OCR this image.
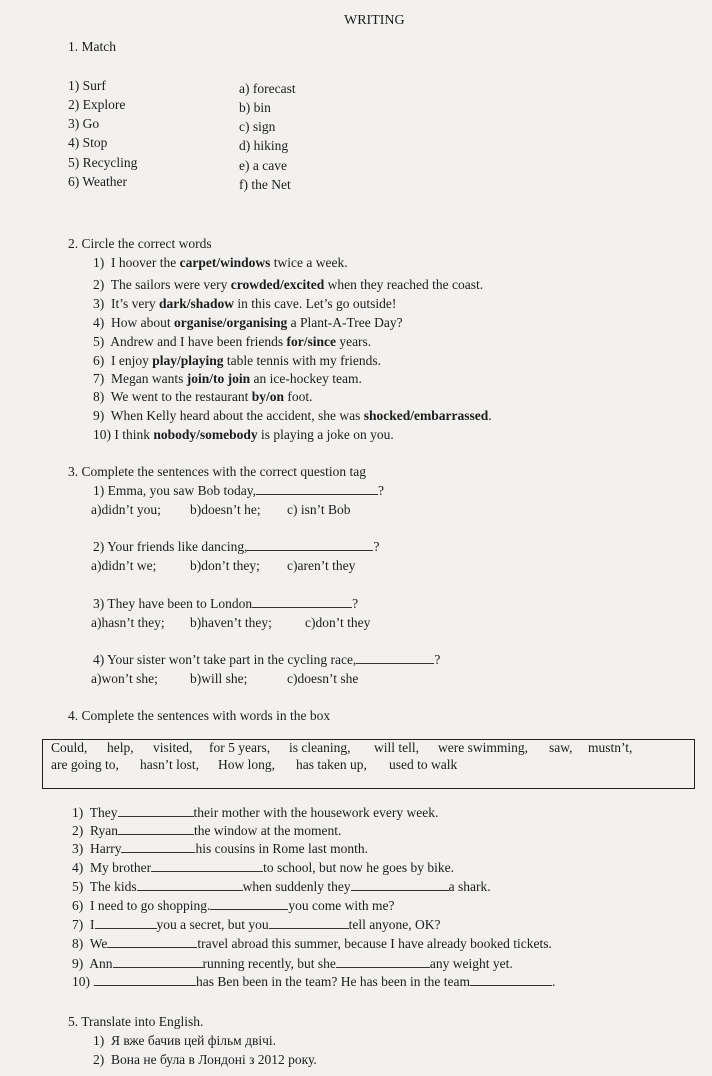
WRITING
1. Match
1) Surf
2) Explore
3) Go
4) Stop
5) Recycling
6) Weather
a) forecast
b) bin
c) sign
d) hiking
e) a cave
f) the Net
2. Circle the correct words
1) I hoover the carpet/windows twice a week.
2) The sailors were very crowded/excited when they reached the coast.
3) It’s very dark/shadow in this cave. Let’s go outside!
4) How about organise/organising a Plant-A-Tree Day?
5) Andrew and I have been friends for/since years.
6) I enjoy play/playing table tennis with my friends.
7) Megan wants join/to join an ice-hockey team.
8) We went to the restaurant by/on foot.
9) When Kelly heard about the accident, she was shocked/embarrassed.
10) I think nobody/somebody is playing a joke on you.
3. Complete the sentences with the correct question tag
1) Emma, you saw Bob today,	?
a)didn’t you; b)doesn’t he; c) isn’t Bob
2) Your friends like dancing,	?
a)didn’t we; b)don’t they; c)aren’t they
3) They have been to London	?
a)hasn’t they; b)haven’t they; c)don’t they
4) Your sister won’t take part in the cycling race,	?
a)won’t she; b)will she;	c)doesn’t she
4. Complete the sentences with words in the box
Could, help, visited, for 5 years, is cleaning, will tell, were swimming, saw, mustn’t,
are going to, hasn’t lost, How long, has taken up, used to walk
1) They	their mother with the housework every week.
2) Ryan	the window at the moment.
3) Harry	his cousins in Rome last month.
4) My brother	to school, but now he goes by bike.
5) The kids	when suddenly they	a shark.
6) I need to go shopping.	you come with me?
7) I	you a secret, but you	tell anyone, OK?
8) We	travel abroad this summer, because I have already booked tickets.
9) Ann	running recently, but she	any weight yet.
10)	has Ben been in the team? He has been in the team	.
5. Translate into English.
1) Я вже бачив цей фільм двічі.
2) Вона не була в Лондоні з 2012 року.
